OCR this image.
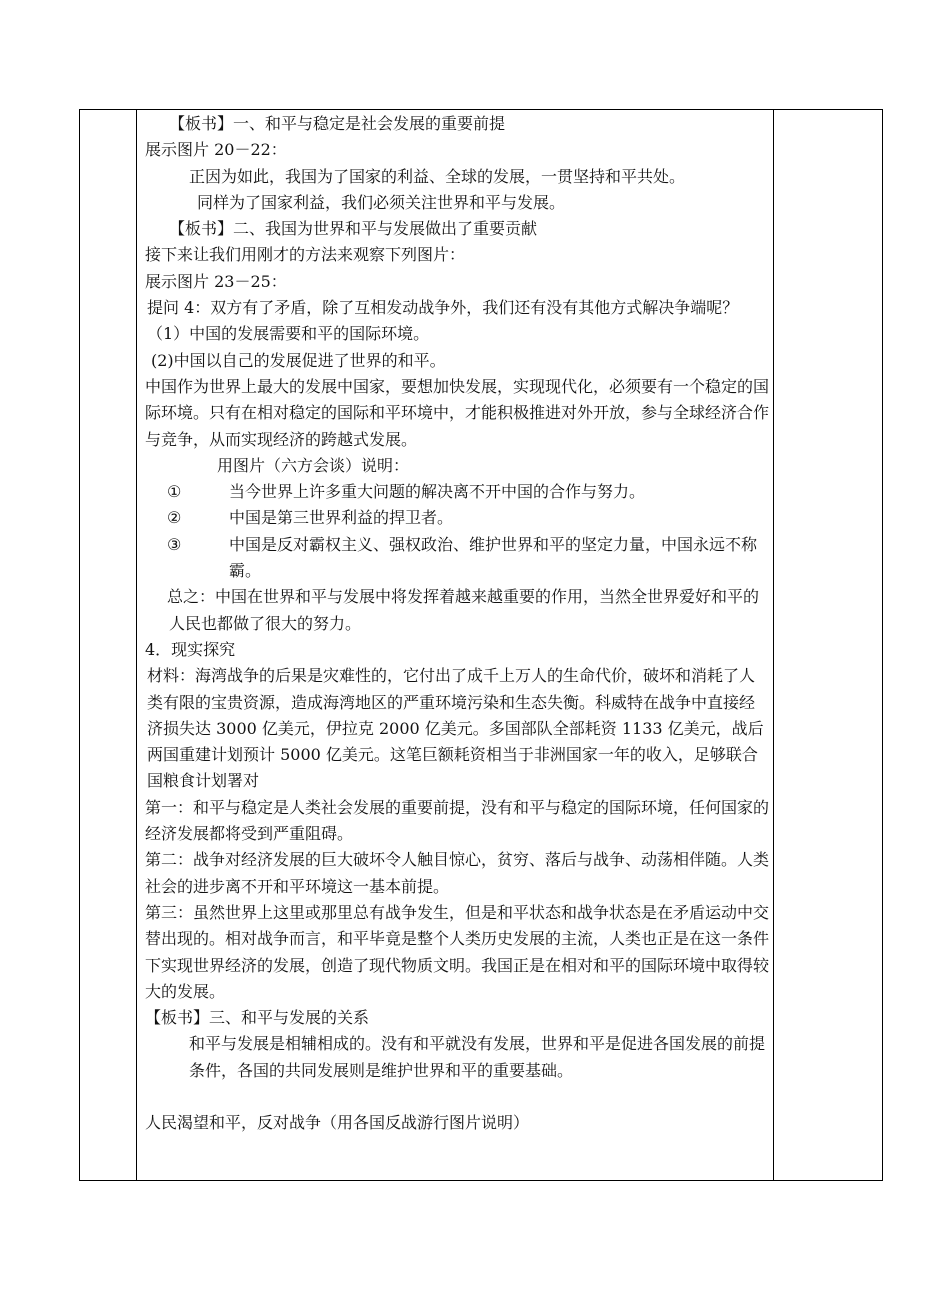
【板书】一、和平与稳定是社会发展的重要前提

展示图片 20－22：

正因为如此，我国为了国家的利益、全球的发展，一贯坚持和平共处。

同样为了国家利益，我们必须关注世界和平与发展。

【板书】二、我国为世界和平与发展做出了重要贡献

接下来让我们用刚才的方法来观察下列图片：

展示图片 23－25：

提问 4：双方有了矛盾，除了互相发动战争外，我们还有没有其他方式解决争端呢？

（1）中国的发展需要和平的国际环境。

(2)中国以自己的发展促进了世界的和平。

中国作为世界上最大的发展中国家，要想加快发展，实现现代化，必须要有一个稳定的国际环境。只有在相对稳定的国际和平环境中，才能积极推进对外开放，参与全球经济合作与竞争，从而实现经济的跨越式发展。

用图片（六方会谈）说明：

①	当今世界上许多重大问题的解决离不开中国的合作与努力。
②	中国是第三世界利益的捍卫者。
③	中国是反对霸权主义、强权政治、维护世界和平的坚定力量，中国永远不称霸。

总之：中国在世界和平与发展中将发挥着越来越重要的作用，当然全世界爱好和平的人民也都做了很大的努力。

4．现实探究

材料：海湾战争的后果是灾难性的，它付出了成千上万人的生命代价，破坏和消耗了人类有限的宝贵资源，造成海湾地区的严重环境污染和生态失衡。科威特在战争中直接经济损失达 3000 亿美元，伊拉克 2000 亿美元。多国部队全部耗资 1133 亿美元，战后两国重建计划预计 5000 亿美元。这笔巨额耗资相当于非洲国家一年的收入，足够联合国粮食计划署对

第一：和平与稳定是人类社会发展的重要前提，没有和平与稳定的国际环境，任何国家的经济发展都将受到严重阻碍。

第二：战争对经济发展的巨大破坏令人触目惊心，贫穷、落后与战争、动荡相伴随。人类社会的进步离不开和平环境这一基本前提。

第三：虽然世界上这里或那里总有战争发生，但是和平状态和战争状态是在矛盾运动中交替出现的。相对战争而言，和平毕竟是整个人类历史发展的主流，人类也正是在这一条件下实现世界经济的发展，创造了现代物质文明。我国正是在相对和平的国际环境中取得较大的发展。

【板书】三、和平与发展的关系

和平与发展是相辅相成的。没有和平就没有发展，世界和平是促进各国发展的前提条件，各国的共同发展则是维护世界和平的重要基础。

人民渴望和平，反对战争（用各国反战游行图片说明）
